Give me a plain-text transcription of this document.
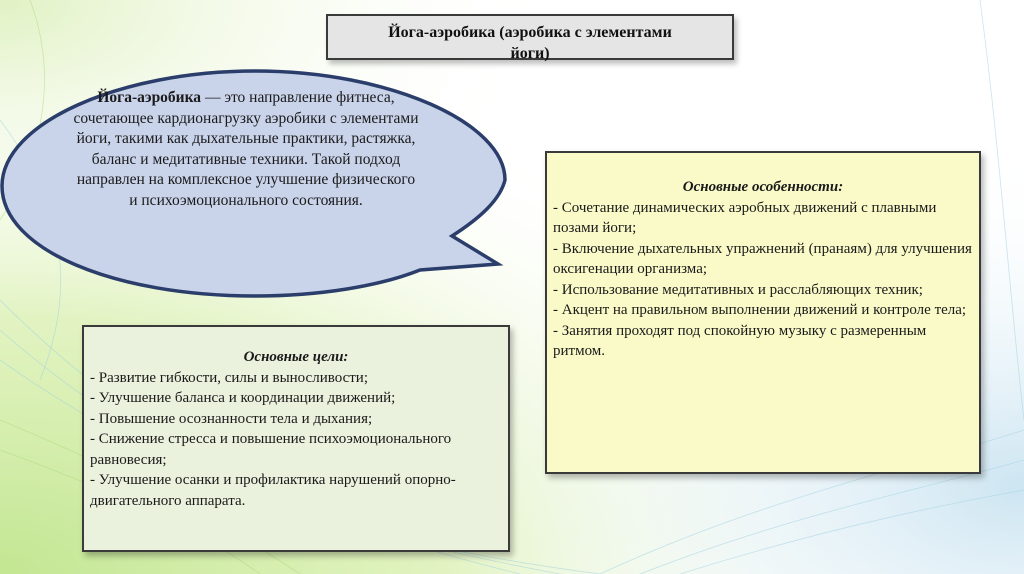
Йога-аэробика (аэробика с элементами
йоги)
Йога-аэробика — это направление фитнеса, сочетающее кардионагрузку аэробики с элементами йоги, такими как дыхательные практики, растяжка, баланс и медитативные техники. Такой подход направлен на комплексное улучшение физического и психоэмоционального состояния.
Основные цели:
- Развитие гибкости, силы и выносливости;
- Улучшение баланса и координации движений;
- Повышение осознанности тела и дыхания;
- Снижение стресса и повышение психоэмоционального равновесия;
- Улучшение осанки и профилактика нарушений опорно-двигательного аппарата.
Основные особенности:
- Сочетание динамических аэробных движений с плавными позами йоги;
- Включение дыхательных упражнений (пранаям) для улучшения оксигенации организма;
- Использование медитативных и расслабляющих техник;
- Акцент на правильном выполнении движений и контроле тела;
- Занятия проходят под спокойную музыку с размеренным ритмом.
